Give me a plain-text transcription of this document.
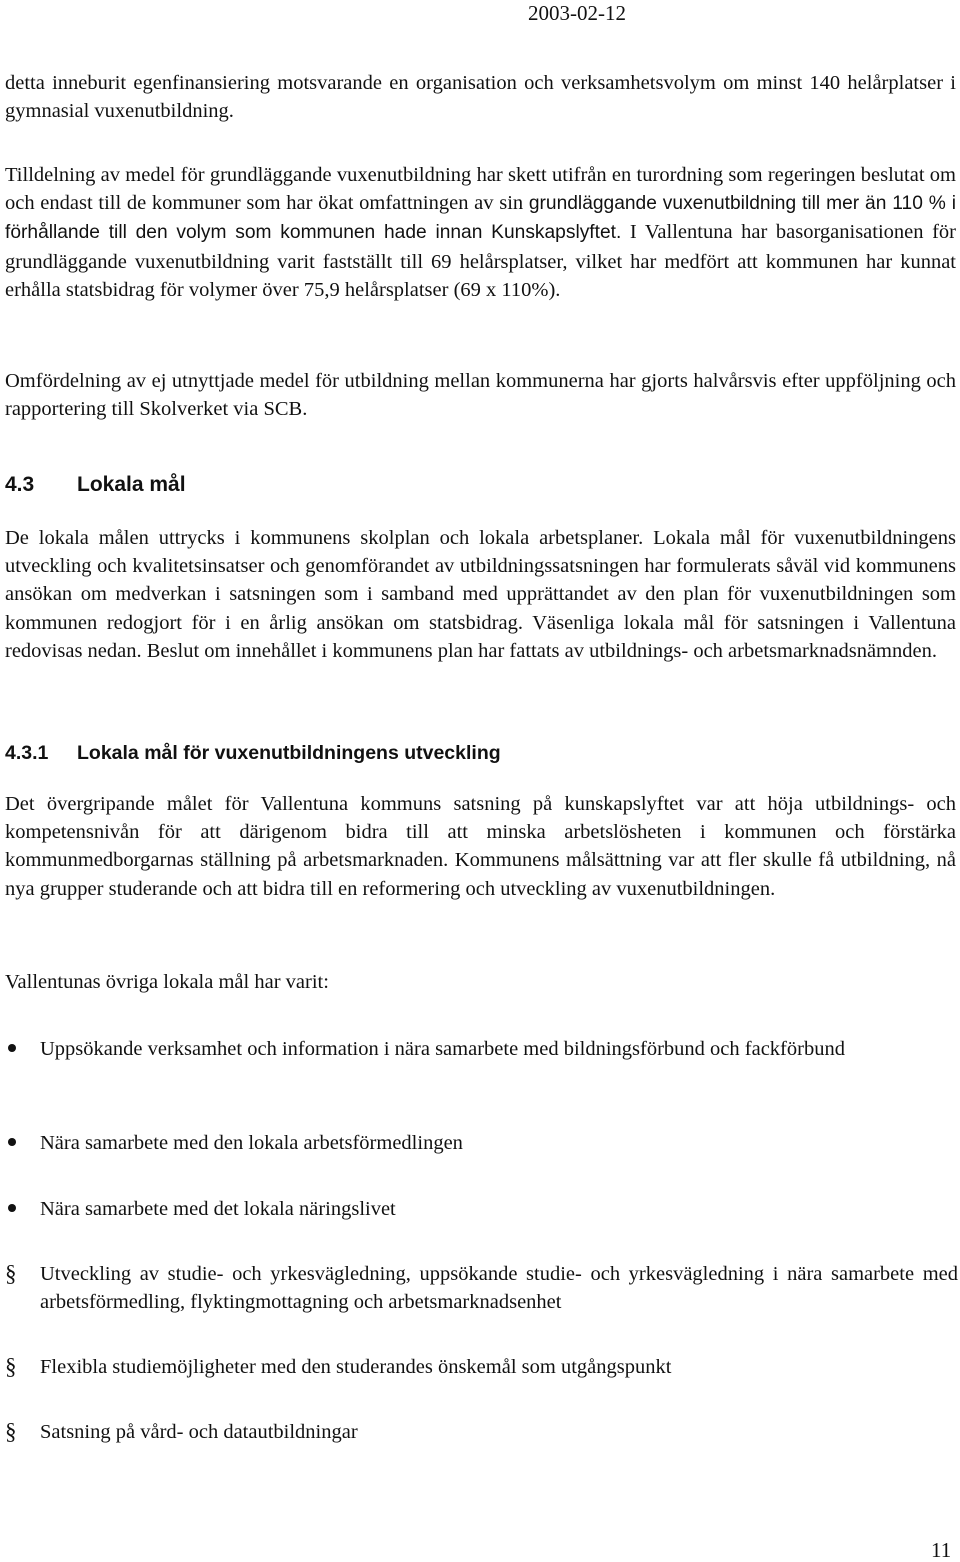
2003-02-12

detta inneburit egenfinansiering motsvarande en organisation och verksamhetsvolym om minst 140 helårplatser i gymnasial vuxenutbildning.

Tilldelning av medel för grundläggande vuxenutbildning har skett utifrån en turordning som regeringen beslutat om och endast till de kommuner som har ökat omfattningen av sin grundläggande vuxenutbildning till mer än 110 % i förhållande till den volym som kommunen hade innan Kunskapslyftet. I Vallentuna har basorganisationen för grundläggande vuxenutbildning varit fastställt till 69 helårsplatser, vilket har medfört att kommunen har kunnat erhålla statsbidrag för volymer över 75,9 helårsplatser (69 x 110%).

Omfördelning av ej utnyttjade medel för utbildning mellan kommunerna har gjorts halvårsvis efter uppföljning och rapportering till Skolverket via SCB.

4.3 Lokala mål

De lokala målen uttrycks i kommunens skolplan och lokala arbetsplaner. Lokala mål för vuxenutbildningens utveckling och kvalitetsinsatser och genomförandet av utbildningssatsningen har formulerats såväl vid kommunens ansökan om medverkan i satsningen som i samband med upprättandet av den plan för vuxenutbildningen som kommunen redogjort för i en årlig ansökan om statsbidrag. Väsenliga lokala mål för satsningen i Vallentuna redovisas nedan. Beslut om innehållet i kommunens plan har fattats av utbildnings- och arbetsmarknadsnämnden.

4.3.1 Lokala mål för vuxenutbildningens utveckling

Det övergripande målet för Vallentuna kommuns satsning på kunskapslyftet var att höja utbildnings- och kompetensnivån för att därigenom bidra till att minska arbetslösheten i kommunen och förstärka kommunmedborgarnas ställning på arbetsmarknaden. Kommunens målsättning var att fler skulle få utbildning, nå nya grupper studerande och att bidra till en reformering och utveckling av vuxenutbildningen.

Vallentunas övriga lokala mål har varit:

Uppsökande verksamhet och information i nära samarbete med bildningsförbund och fackförbund
Nära samarbete med den lokala arbetsförmedlingen
Nära samarbete med det lokala näringslivet
§	Utveckling av studie- och yrkesvägledning, uppsökande studie- och yrkesvägledning i nära samarbete med arbetsförmedling, flyktingmottagning och arbetsmarknadsenhet
§	Flexibla studiemöjligheter med den studerandes önskemål som utgångspunkt
§	Satsning på vård- och datautbildningar
11
